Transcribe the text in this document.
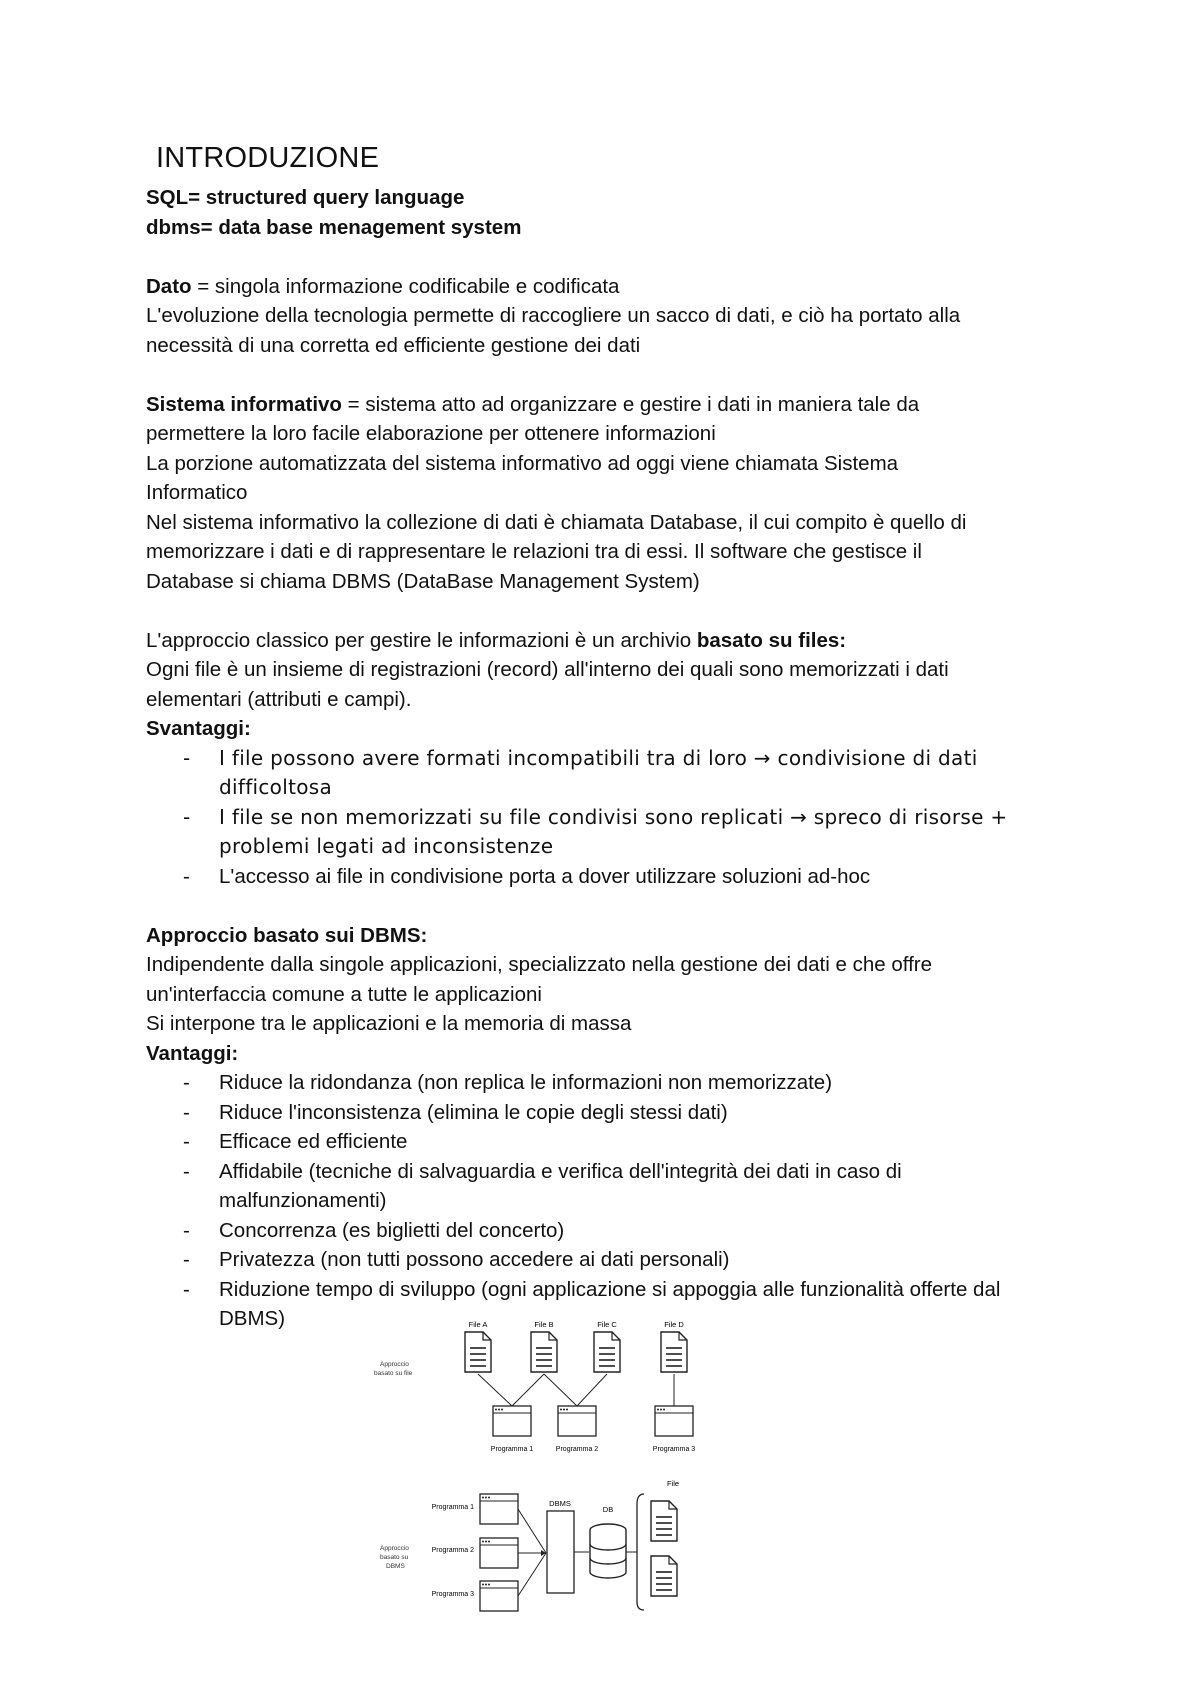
INTRODUZIONE

SQL= structured query language

dbms= data base menagement system

Dato = singola informazione codificabile e codificata

L'evoluzione della tecnologia permette di raccogliere un sacco di dati, e ciò ha portato alla

necessità di una corretta ed efficiente gestione dei dati

Sistema informativo = sistema atto ad organizzare e gestire i dati in maniera tale da

permettere la loro facile elaborazione per ottenere informazioni

La porzione automatizzata del sistema informativo ad oggi viene chiamata Sistema

Informatico

Nel sistema informativo la collezione di dati è chiamata Database, il cui compito è quello di

memorizzare i dati e di rappresentare le relazioni tra di essi. Il software che gestisce il

Database si chiama DBMS (DataBase Management System)

L'approccio classico per gestire le informazioni è un archivio basato su files:

Ogni file è un insieme di registrazioni (record) all'interno dei quali sono memorizzati i dati

elementari (attributi e campi).

Svantaggi:

- I file possono avere formati incompatibili tra di loro → condivisione di dati difficoltosa
- I file se non memorizzati su file condivisi sono replicati → spreco di risorse + problemi legati ad inconsistenze
- L'accesso ai file in condivisione porta a dover utilizzare soluzioni ad-hoc

Approccio basato sui DBMS:

Indipendente dalla singole applicazioni, specializzato nella gestione dei dati e che offre

un'interfaccia comune a tutte le applicazioni

Si interpone tra le applicazioni e la memoria di massa

Vantaggi:

- Riduce la ridondanza (non replica le informazioni non memorizzate)
- Riduce l'inconsistenza (elimina le copie degli stessi dati)
- Efficace ed efficiente
- Affidabile (tecniche di salvaguardia e verifica dell'integrità dei dati in caso di malfunzionamenti)
- Concorrenza (es biglietti del concerto)
- Privatezza (non tutti possono accedere ai dati personali)
- Riduzione tempo di sviluppo (ogni applicazione si appoggia alle funzionalità offerte dal DBMS)	File A	File B	File C	File D
Approccio basato su file
Programma 1	Programma 2	Programma 3
Approccio basato su DBMS
Programma 1
Programma 2
Programma 3
DBMS
DB
File
